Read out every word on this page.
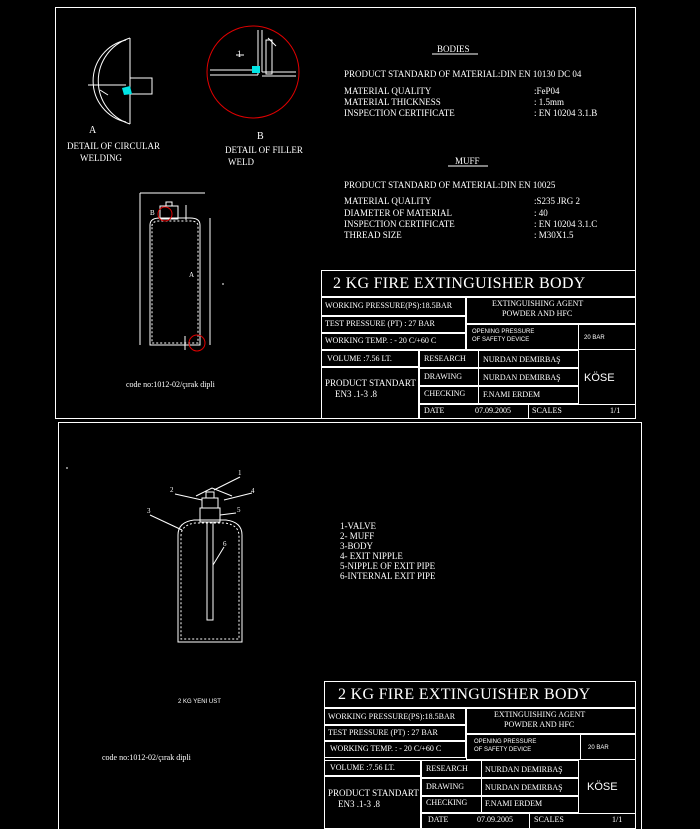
A
DETAIL OF CIRCULAR
WELDING
B
DETAIL OF FILLER
WELD
1
B
A
BODIES
PRODUCT STANDARD OF MATERIAL:DIN EN 10130 DC 04
MATERIAL QUALITY	:FeP04
MATERIAL THICKNESS	: 1.5mm
INSPECTION CERTIFICATE	: EN 10204 3.1.B
MUFF
PRODUCT STANDARD OF MATERIAL:DIN EN 10025
MATERIAL QUALITY	:S235 JRG 2
DIAMETER OF MATERIAL	: 40
INSPECTION CERTIFICATE	: EN 10204 3.1.C
THREAD SIZE	: M30X1.5
code no:1012-02/çırak dipli
2 KG FIRE EXTINGUISHER BODY
WORKING PRESSURE(PS):18.5BAR
TEST PRESSURE (PT) : 27 BAR
WORKING TEMP. : - 20 C/+60 C
EXTINGUISHING AGENT
POWDER AND HFC
OPENING PRESSURE
OF SAFETY DEVICE	20 BAR
VOLUME :7.56 LT.
PRODUCT STANDART
EN3 .1-3 .8
RESEARCH NURDAN DEMIRBAŞ
DRAWING	NURDAN DEMIRBAŞ
CHECKING F.NAMI ERDEM
KÖSE
DATE	07.09.2005	SCALES	1/1
1
2
3
4
5
6
1-VALVE
2- MUFF
3-BODY
4- EXIT NIPPLE
5-NIPPLE OF EXIT PIPE
6-INTERNAL EXIT PIPE
2 KG YENI UST
code no:1012-02/çırak dipli
2 KG FIRE EXTINGUISHER BODY
WORKING PRESSURE(PS):18.5BAR
TEST PRESSURE (PT) : 27 BAR
WORKING TEMP. : - 20 C/+60 C
EXTINGUISHING AGENT
POWDER AND HFC
OPENING PRESSURE
OF SAFETY DEVICE	20 BAR
VOLUME :7.56 LT.
PRODUCT STANDART
EN3 .1-3 .8
RESEARCH NURDAN DEMIRBAŞ
DRAWING	NURDAN DEMIRBAŞ
CHECKING F.NAMI ERDEM
KÖSE
DATE	07.09.2005	SCALES	1/1
